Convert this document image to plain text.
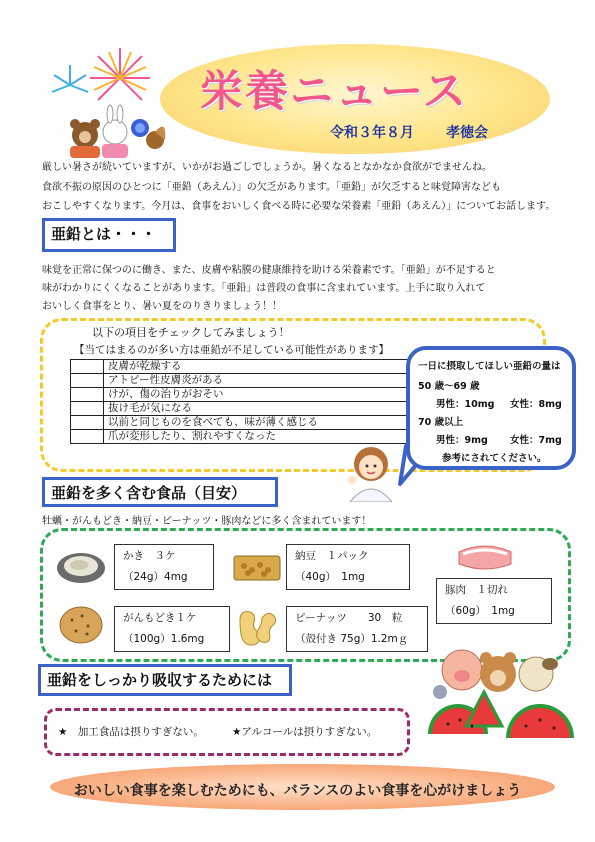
栄養ニュース
令和３年８月 孝徳会
厳しい暑さが続いていますが、いかがお過ごしでしょうか。暑くなるとなかなか食欲がでませんね。
食欲不振の原因のひとつに「亜鉛（あえん）」の欠乏があります。「亜鉛」が欠乏すると味覚障害なども
おこしやすくなります。今月は、食事をおいしく食べる時に必要な栄養素「亜鉛（あえん）」についてお話します。
亜鉛とは・・・
味覚を正常に保つのに働き、また、皮膚や粘膜の健康維持を助ける栄養素です。「亜鉛」が不足すると
味がわかりにくくなることがあります。「亜鉛」は普段の食事に含まれています。上手に取り入れて
おいしく食事をとり、暑い夏をのりきりましょう！！
以下の項目をチェックしてみましょう！
【当てはまるのが多い方は亜鉛が不足している可能性があります】
	皮膚が乾燥する
	アトピー性皮膚炎がある
	けが、傷の治りがおそい
	抜け毛が気になる
	以前と同じものを食べても、味が薄く感じる
	爪が変形したり、割れやすくなった
一日に摂取してほしい亜鉛の量は
50 歳～69 歳
男性：10mg 女性：8mg
70 歳以上
男性：9mg 女性：7mg
参考にされてください。
亜鉛を多く含む食品（目安）
牡蠣・がんもどき・納豆・ピーナッツ・豚肉などに多く含まれています！
かき　３ケ
（24g）4mg
納豆　１パック
（40g）　1mg
豚肉　１切れ
（60g）　1mg
がんもどき１ケ
（100g）1.6mg
ピーナッツ　　30　粒
（殻付き 75g）1.2mｇ
亜鉛をしっかり吸収するためには
★　加工食品は摂りすぎない。	★アルコールは摂りすぎない。
おいしい食事を楽しむためにも、バランスのよい食事を心がけましょう
